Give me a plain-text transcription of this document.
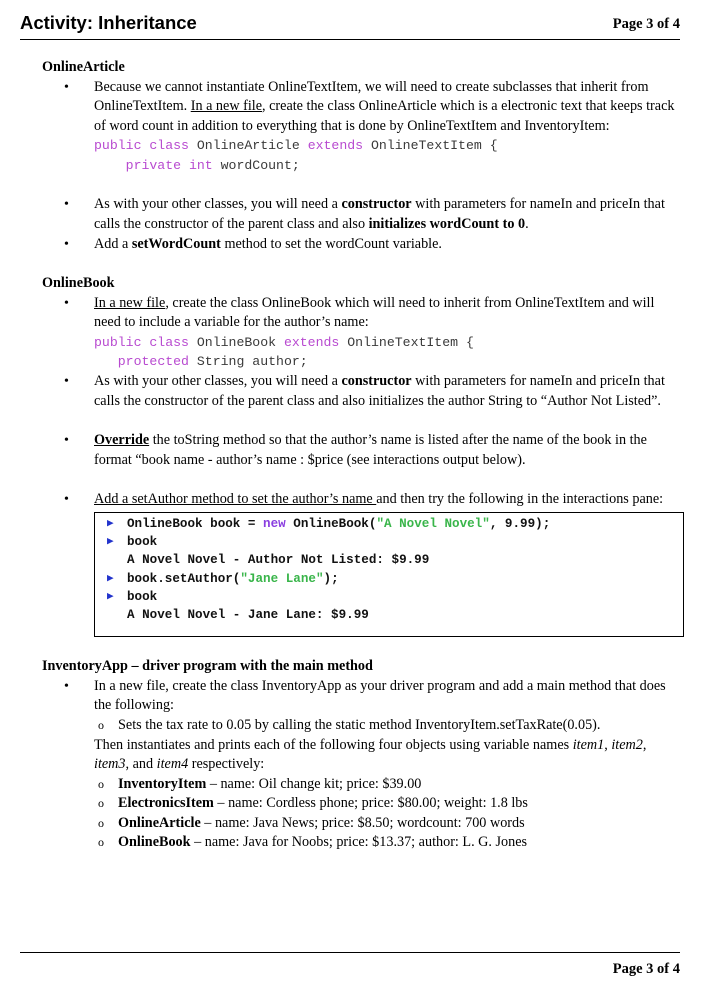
Activity: Inheritance	Page 3 of 4
OnlineArticle
• Because we cannot instantiate OnlineTextItem, we will need to create subclasses that inherit from OnlineTextItem. In a new file, create the class OnlineArticle which is a electronic text that keeps track of word count in addition to everything that is done by OnlineTextItem and InventoryItem:
public class OnlineArticle extends OnlineTextItem {
private int wordCount;
• As with your other classes, you will need a constructor with parameters for nameIn and priceIn that calls the constructor of the parent class and also initializes wordCount to 0.
• Add a setWordCount method to set the wordCount variable.
OnlineBook
• In a new file, create the class OnlineBook which will need to inherit from OnlineTextItem and will need to include a variable for the author’s name:
public class OnlineBook extends OnlineTextItem {
protected String author;
• As with your other classes, you will need a constructor with parameters for nameIn and priceIn that calls the constructor of the parent class and also initializes the author String to “Author Not Listed”.
• Override the toString method so that the author’s name is listed after the name of the book in the format “book name - author’s name : $price (see interactions output below).
• Add a setAuthor method to set the author’s name and then try the following in the interactions pane:
▶ OnlineBook book = new OnlineBook("A Novel Novel", 9.99);
▶ book
A Novel Novel - Author Not Listed: $9.99
▶ book.setAuthor("Jane Lane");
▶ book
A Novel Novel - Jane Lane: $9.99
InventoryApp – driver program with the main method
• In a new file, create the class InventoryApp as your driver program and add a main method that does the following:
o Sets the tax rate to 0.05 by calling the static method InventoryItem.setTaxRate(0.05).
Then instantiates and prints each of the following four objects using variable names item1, item2, item3, and item4 respectively:
o InventoryItem – name: Oil change kit; price: $39.00
o ElectronicsItem – name: Cordless phone; price: $80.00; weight: 1.8 lbs
o OnlineArticle – name: Java News; price: $8.50; wordcount: 700 words
o OnlineBook – name: Java for Noobs; price: $13.37; author: L. G. Jones
Page 3 of 4
